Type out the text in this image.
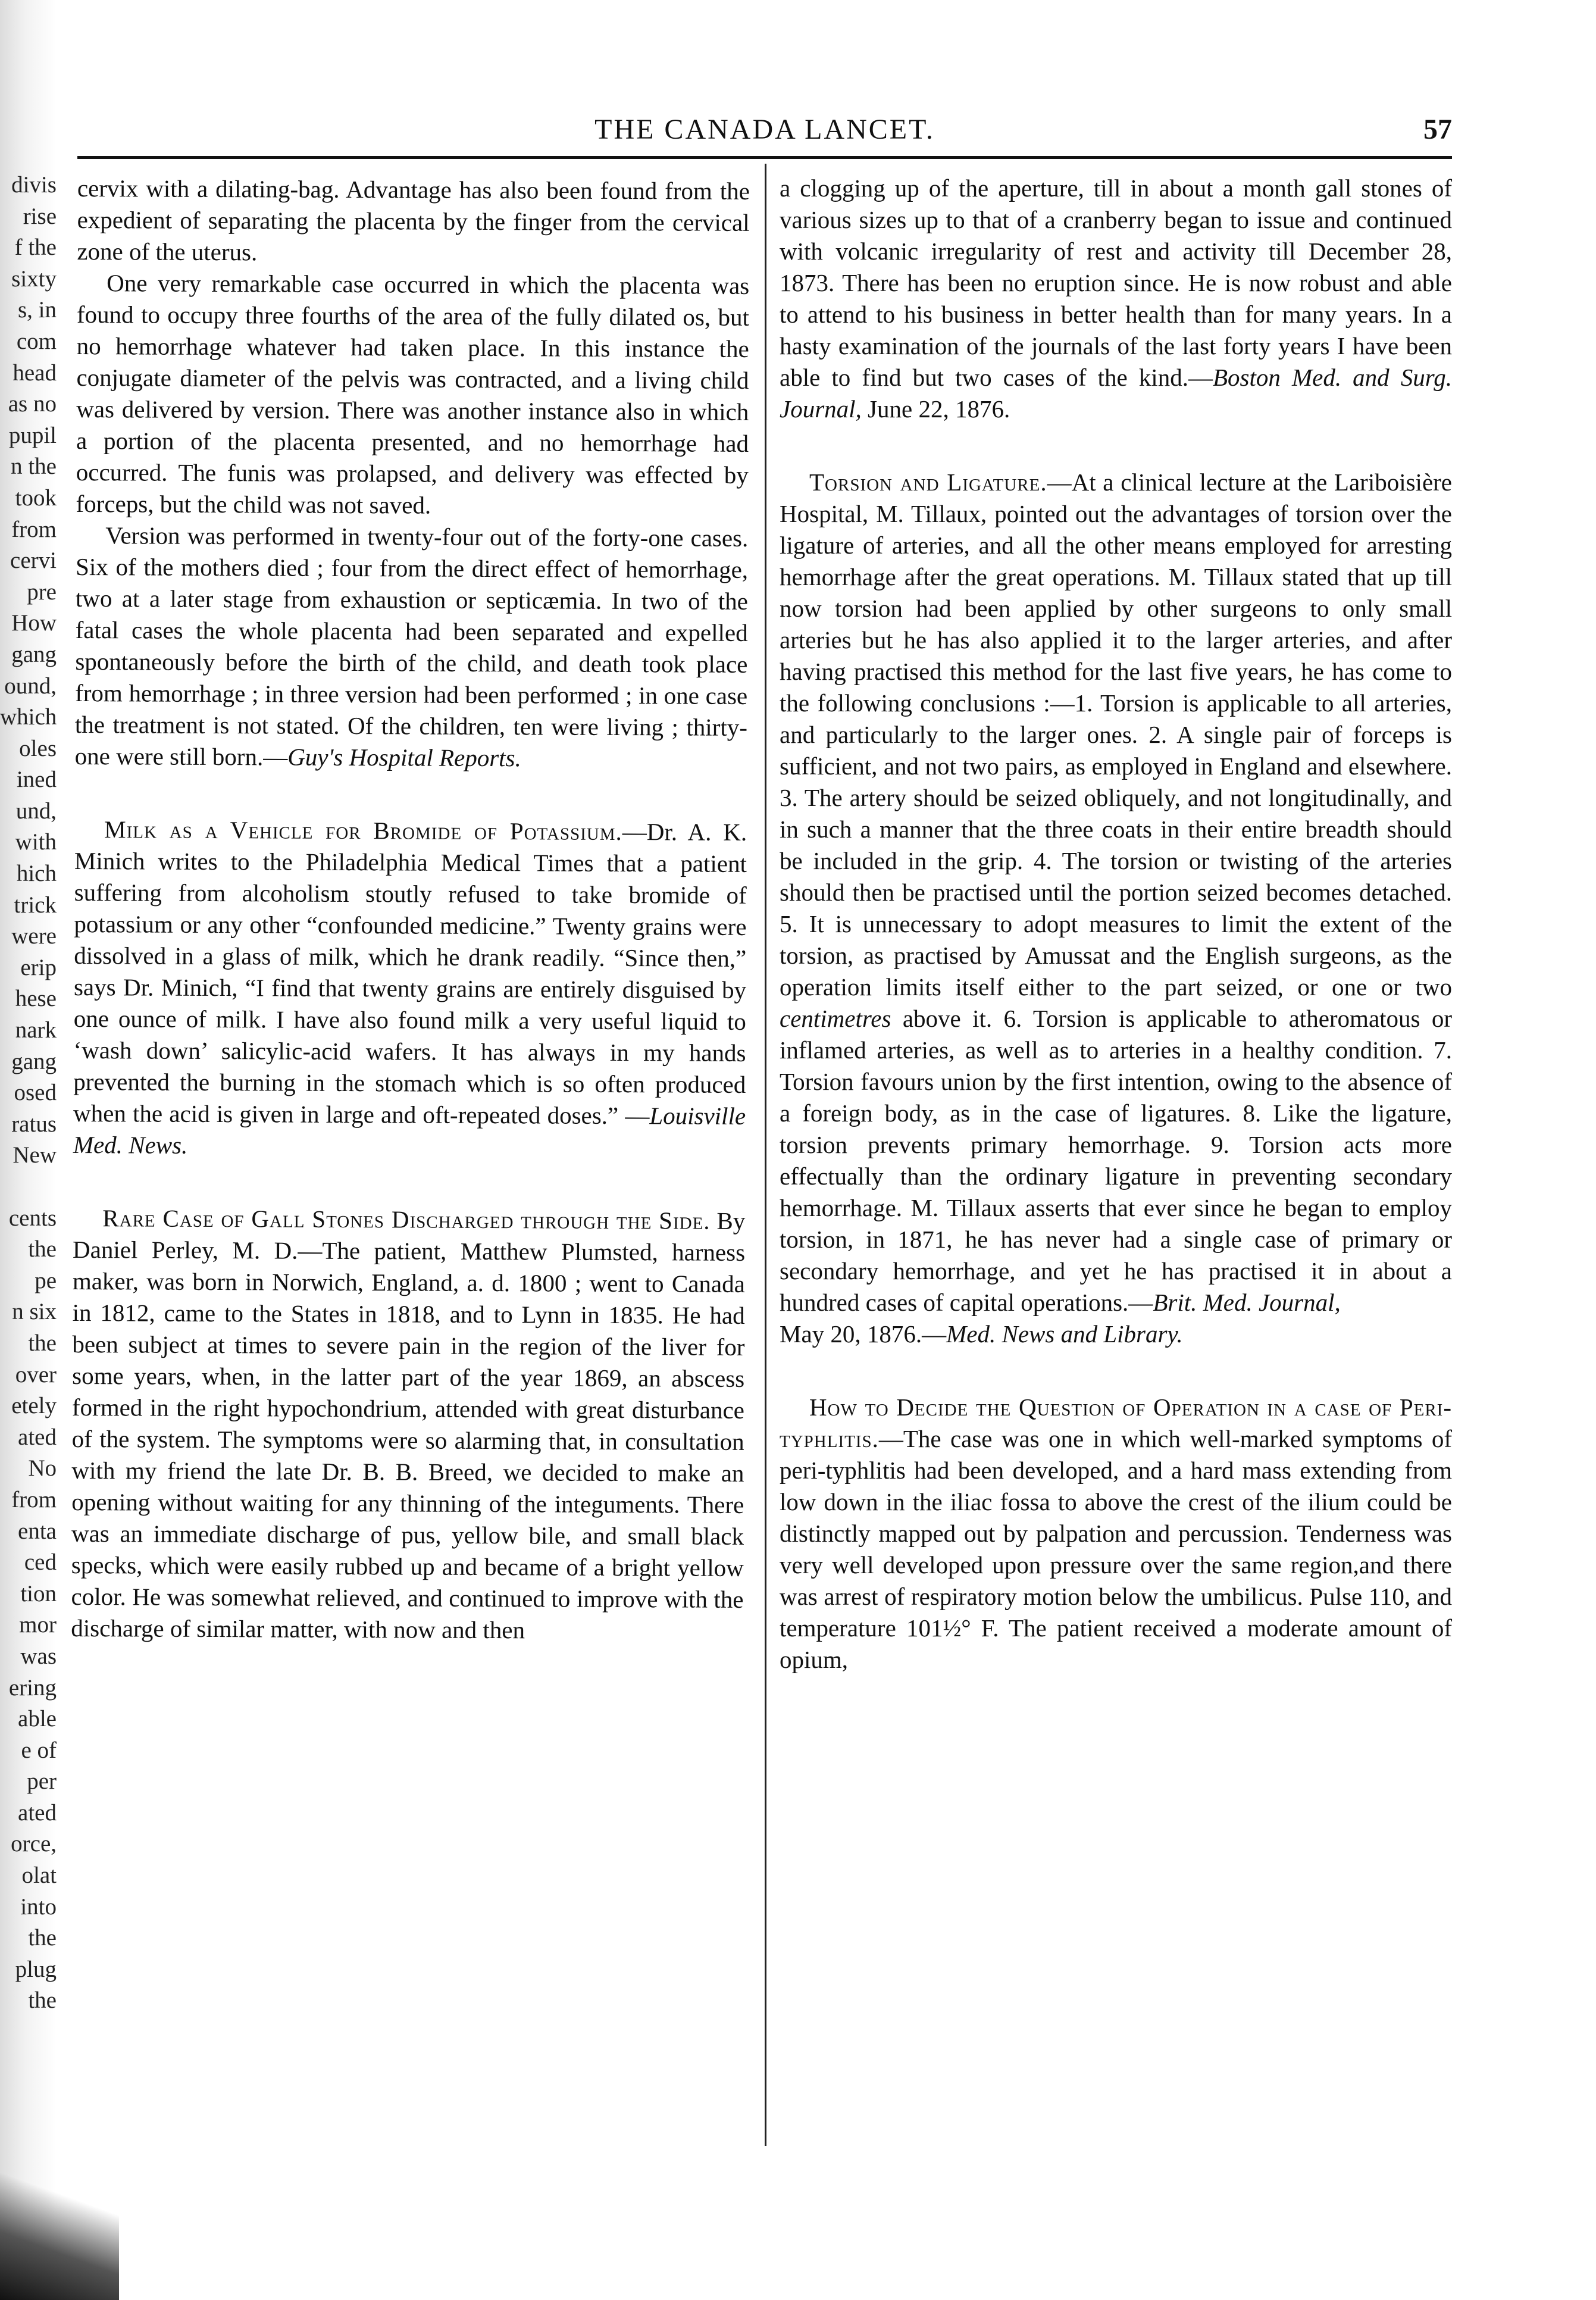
divis
rise
f the
sixty
s, in
com
head
as no
pupil
n the
took
from
cervi
pre
How
gang
ound,
which
oles
ined
und,
with
hich
trick
were
erip
hese
nark
gang
osed
ratus
New

cents
the
pe
n six
the
over
etely
ated
No
from
enta
ced
tion
mor
was
ering
able
e of
per
ated
orce,
olat
into
the
plug
the
THE CANADA LANCET.	57

cervix with a dilating-bag. Advantage has also been found from the expedient of separating the placenta by the finger from the cervical zone of the uterus.

One very remarkable case occurred in which the placenta was found to occupy three fourths of the area of the fully dilated os, but no hemorrhage whatever had taken place. In this instance the conjugate diameter of the pelvis was contracted, and a living child was delivered by version. There was another instance also in which a portion of the placenta presented, and no hemorrhage had occurred. The funis was prolapsed, and delivery was effected by forceps, but the child was not saved.

Version was performed in twenty-four out of the forty-one cases. Six of the mothers died ; four from the direct effect of hemorrhage, two at a later stage from exhaustion or septicæmia. In two of the fatal cases the whole placenta had been separated and expelled spontaneously before the birth of the child, and death took place from hemorrhage ; in three version had been performed ; in one case the treatment is not stated. Of the children, ten were living ; thirty-one were still born.—Guy's Hospital Reports.

Milk as a Vehicle for Bromide of Potassium.—Dr. A. K. Minich writes to the Philadelphia Medical Times that a patient suffering from alcoholism stoutly refused to take bromide of potassium or any other “confounded medicine.” Twenty grains were dissolved in a glass of milk, which he drank readily. “Since then,” says Dr. Minich, “I find that twenty grains are entirely disguised by one ounce of milk. I have also found milk a very useful liquid to ‘wash down’ salicylic-acid wafers. It has always in my hands prevented the burning in the stomach which is so often produced when the acid is given in large and oft-repeated doses.” —Louisville Med. News.

Rare Case of Gall Stones Discharged through the Side. By Daniel Perley, M. D.—The patient, Matthew Plumsted, harness maker, was born in Norwich, England, a. d. 1800 ; went to Canada in 1812, came to the States in 1818, and to Lynn in 1835. He had been subject at times to severe pain in the region of the liver for some years, when, in the latter part of the year 1869, an abscess formed in the right hypochondrium, attended with great disturbance of the system. The symptoms were so alarming that, in consultation with my friend the late Dr. B. B. Breed, we decided to make an opening without waiting for any thinning of the integuments. There was an immediate discharge of pus, yellow bile, and small black specks, which were easily rubbed up and became of a bright yellow color. He was somewhat relieved, and continued to improve with the discharge of similar matter, with now and then

a clogging up of the aperture, till in about a month gall stones of various sizes up to that of a cranberry began to issue and continued with volcanic irregularity of rest and activity till December 28, 1873. There has been no eruption since. He is now robust and able to attend to his business in better health than for many years. In a hasty examination of the journals of the last forty years I have been able to find but two cases of the kind.—Boston Med. and Surg. Journal, June 22, 1876.

Torsion and Ligature.—At a clinical lecture at the Lariboisière Hospital, M. Tillaux, pointed out the advantages of torsion over the ligature of arteries, and all the other means employed for arresting hemorrhage after the great operations. M. Tillaux stated that up till now torsion had been applied by other surgeons to only small arteries but he has also applied it to the larger arteries, and after having practised this method for the last five years, he has come to the following conclusions :—1. Torsion is applicable to all arteries, and particularly to the larger ones. 2. A single pair of forceps is sufficient, and not two pairs, as employed in England and elsewhere. 3. The artery should be seized obliquely, and not longitudinally, and in such a manner that the three coats in their entire breadth should be included in the grip. 4. The torsion or twisting of the arteries should then be practised until the portion seized becomes detached. 5. It is unnecessary to adopt measures to limit the extent of the torsion, as practised by Amussat and the English surgeons, as the operation limits itself either to the part seized, or one or two centimetres above it. 6. Torsion is applicable to atheromatous or inflamed arteries, as well as to arteries in a healthy condition. 7. Torsion favours union by the first intention, owing to the absence of a foreign body, as in the case of ligatures. 8. Like the ligature, torsion prevents primary hemorrhage. 9. Torsion acts more effectually than the ordinary ligature in preventing secondary hemorrhage. M. Tillaux asserts that ever since he began to employ torsion, in 1871, he has never had a single case of primary or secondary hemorrhage, and yet he has practised it in about a hundred cases of capital operations.—Brit. Med. Journal,
May 20, 1876.—Med. News and Library.

How to Decide the Question of Operation in a case of Peri-typhlitis.—The case was one in which well-marked symptoms of peri-typhlitis had been developed, and a hard mass extending from low down in the iliac fossa to above the crest of the ilium could be distinctly mapped out by palpation and percussion. Tenderness was very well developed upon pressure over the same region,and there was arrest of respiratory motion below the umbilicus. Pulse 110, and temperature 101½° F. The patient received a moderate amount of opium,
